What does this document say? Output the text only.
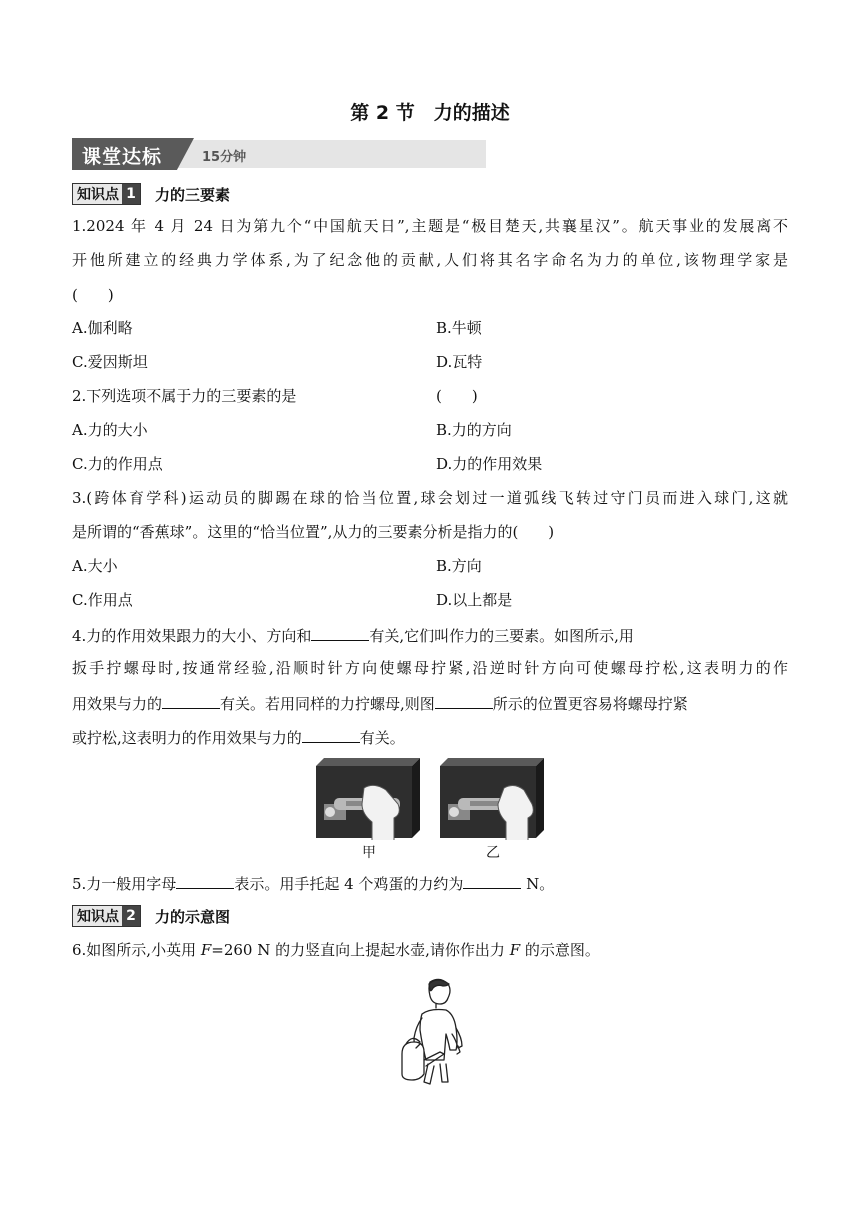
第 2 节　力的描述
课堂达标	15分钟
知识点 1 力的三要素
1.2024 年 4 月 24 日为第九个“中国航天日”,主题是“极目楚天,共襄星汉”。航天事业的发展离不
开他所建立的经典力学体系,为了纪念他的贡献,人们将其名字命名为力的单位,该物理学家是
(　　)
A.伽利略	B.牛顿
C.爱因斯坦	D.瓦特
2.下列选项不属于力的三要素的是	(　　)
A.力的大小	B.力的方向
C.力的作用点	D.力的作用效果
3.(跨体育学科)运动员的脚踢在球的恰当位置,球会划过一道弧线飞转过守门员而进入球门,这就
是所谓的“香蕉球”。这里的“恰当位置”,从力的三要素分析是指力的(　　)
A.大小	B.方向
C.作用点	D.以上都是
4.力的作用效果跟力的大小、方向和	有关,它们叫作力的三要素。如图所示,用
扳手拧螺母时,按通常经验,沿顺时针方向使螺母拧紧,沿逆时针方向可使螺母拧松,这表明力的作
用效果与力的	有关。若用同样的力拧螺母,则图	所示的位置更容易将螺母拧紧
或拧松,这表明力的作用效果与力的	有关。
甲	乙
5.力一般用字母	表示。用手托起 4 个鸡蛋的力约为	N。
知识点 2 力的示意图
6.如图所示,小英用 F=260 N 的力竖直向上提起水壶,请你作出力 F 的示意图。
